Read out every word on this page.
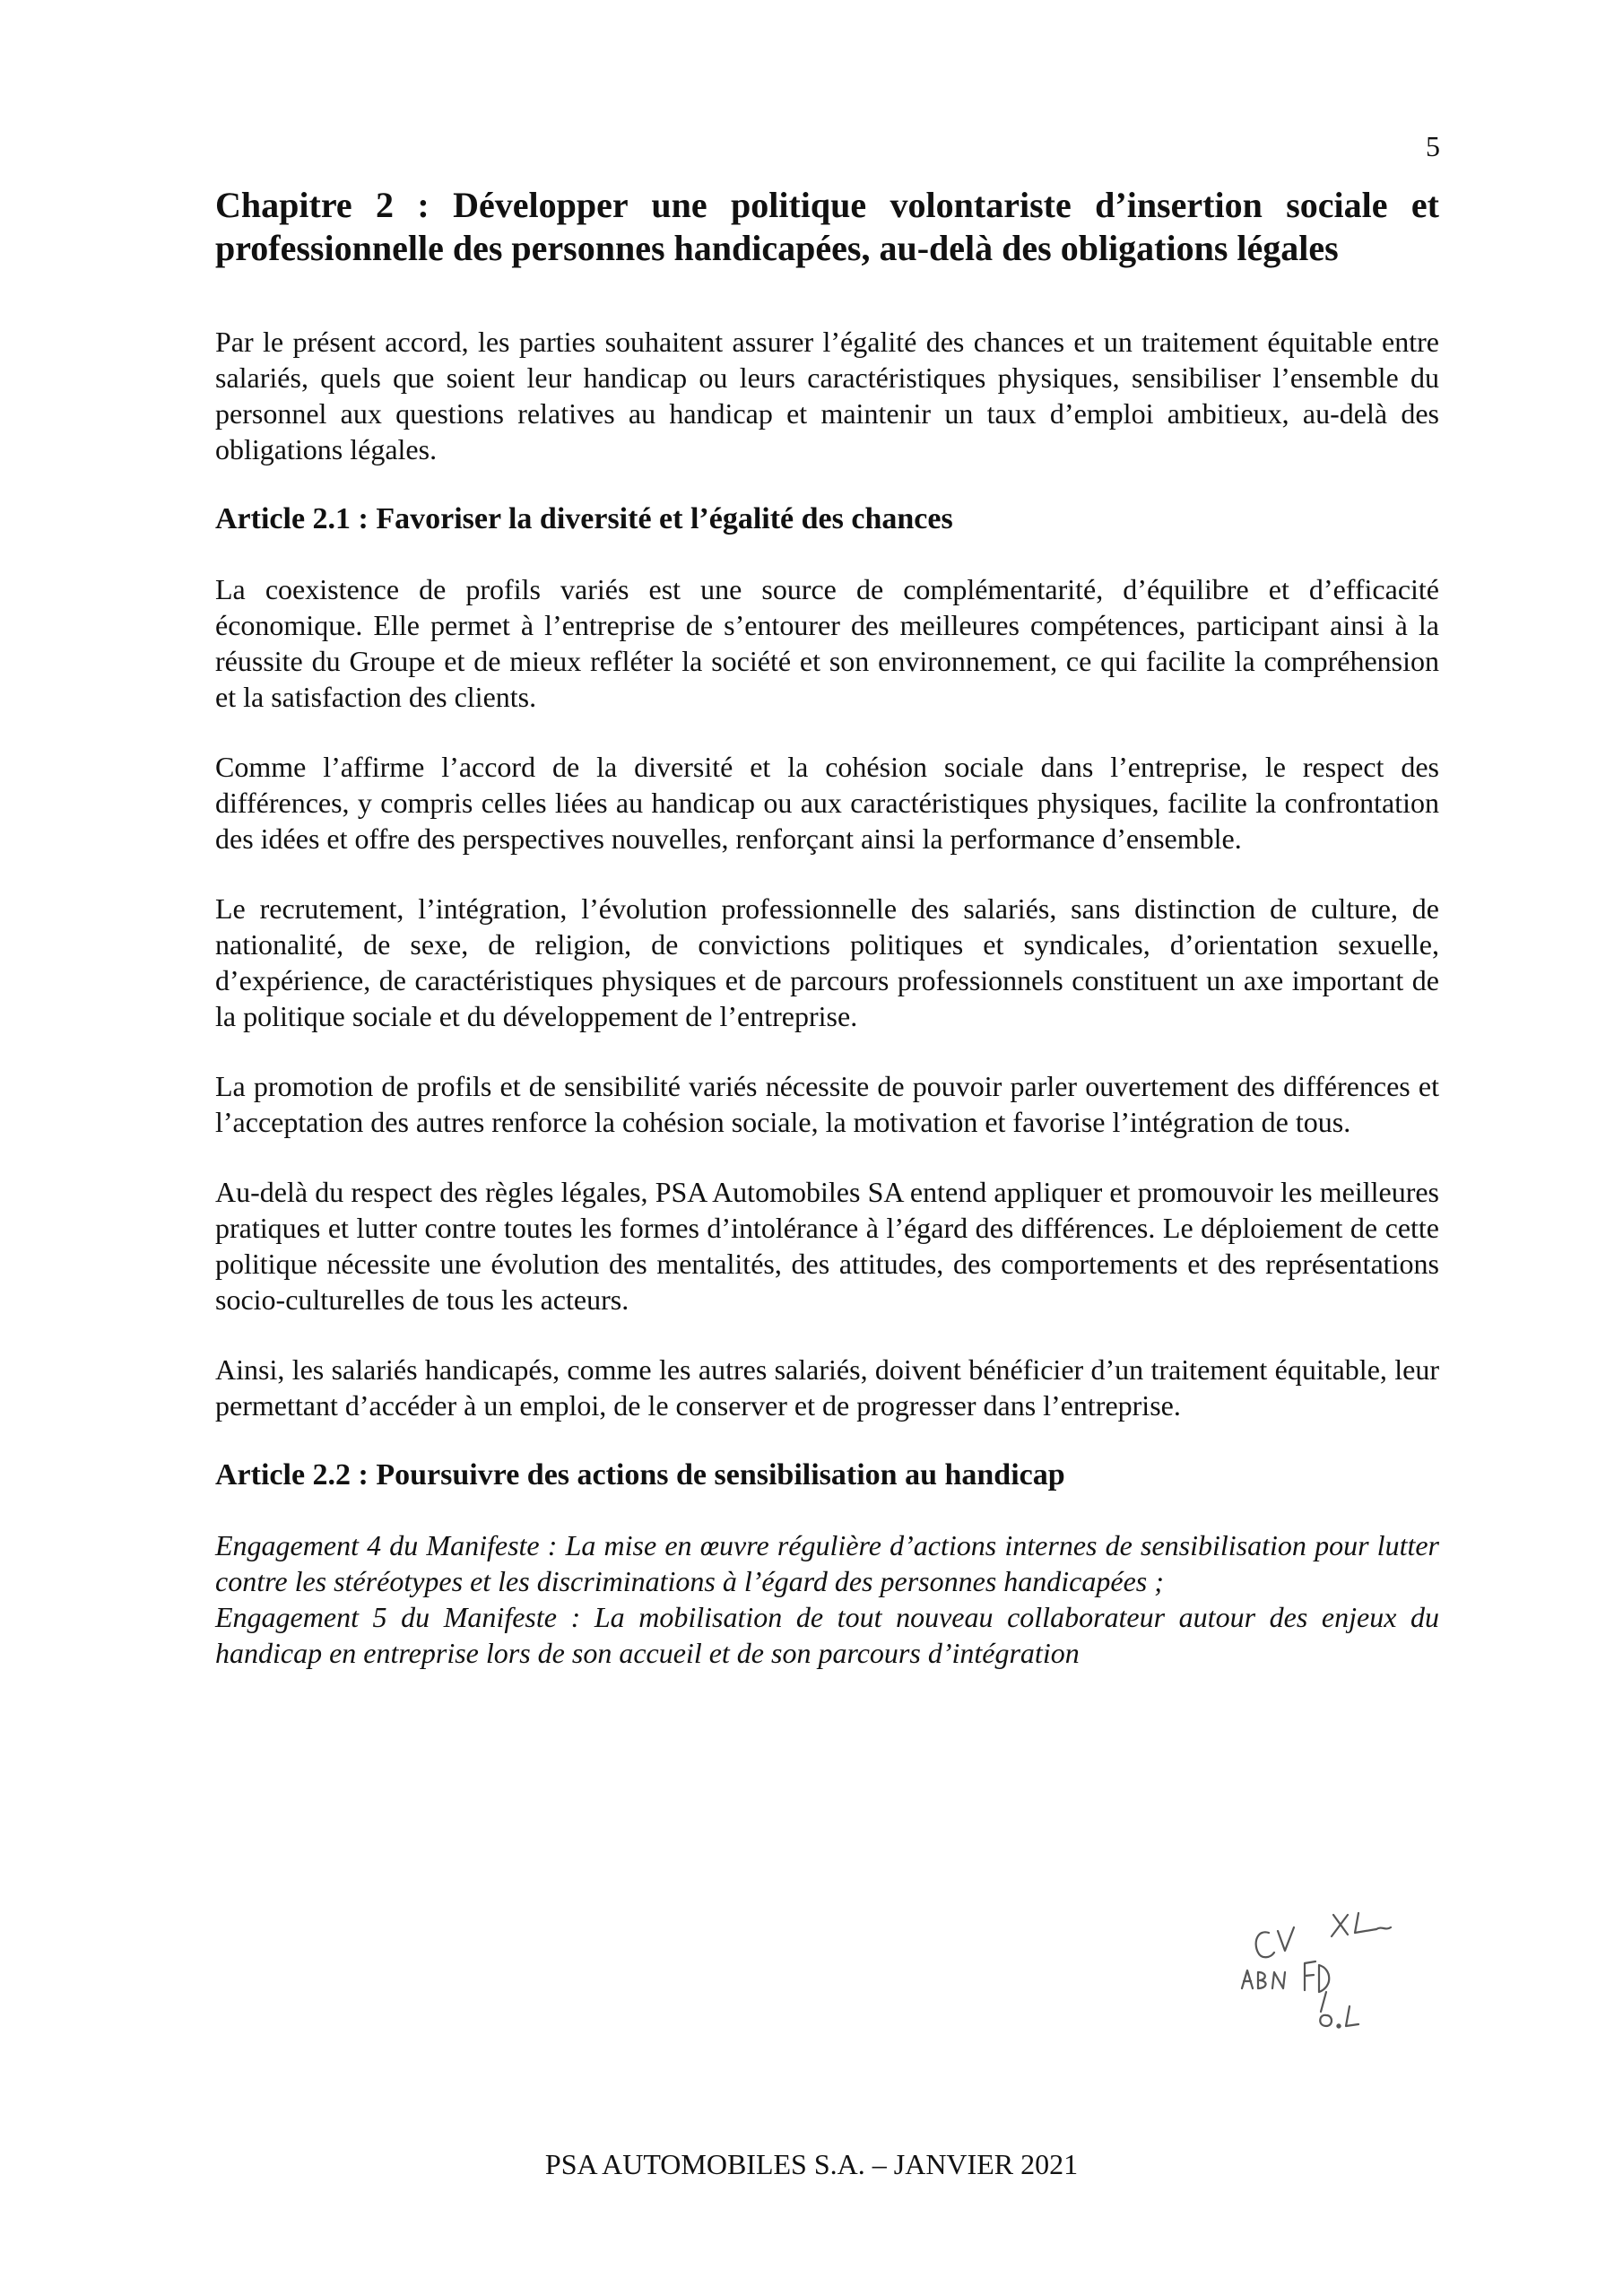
5
Chapitre 2 : Développer une politique volontariste d’insertion sociale et professionnelle des personnes handicapées, au-delà des obligations légales

Par le présent accord, les parties souhaitent assurer l’égalité des chances et un traitement équitable entre salariés, quels que soient leur handicap ou leurs caractéristiques physiques, sensibiliser l’ensemble du personnel aux questions relatives au handicap et maintenir un taux d’emploi ambitieux, au-delà des obligations légales.

Article 2.1 : Favoriser la diversité et l’égalité des chances

La coexistence de profils variés est une source de complémentarité, d’équilibre et d’efficacité économique. Elle permet à l’entreprise de s’entourer des meilleures compétences, participant ainsi à la réussite du Groupe et de mieux refléter la société et son environnement, ce qui facilite la compréhension et la satisfaction des clients.

Comme l’affirme l’accord de la diversité et la cohésion sociale dans l’entreprise, le respect des différences, y compris celles liées au handicap ou aux caractéristiques physiques, facilite la confrontation des idées et offre des perspectives nouvelles, renforçant ainsi la performance d’ensemble.

Le recrutement, l’intégration, l’évolution professionnelle des salariés, sans distinction de culture, de nationalité, de sexe, de religion, de convictions politiques et syndicales, d’orientation sexuelle, d’expérience, de caractéristiques physiques et de parcours professionnels constituent un axe important de la politique sociale et du développement de l’entreprise.

La promotion de profils et de sensibilité variés nécessite de pouvoir parler ouvertement des différences et l’acceptation des autres renforce la cohésion sociale, la motivation et favorise l’intégration de tous.

Au-delà du respect des règles légales, PSA Automobiles SA entend appliquer et promouvoir les meilleures pratiques et lutter contre toutes les formes d’intolérance à l’égard des différences. Le déploiement de cette politique nécessite une évolution des mentalités, des attitudes, des comportements et des représentations socio-culturelles de tous les acteurs.

Ainsi, les salariés handicapés, comme les autres salariés, doivent bénéficier d’un traitement équitable, leur permettant d’accéder à un emploi, de le conserver et de progresser dans l’entreprise.

Article 2.2 : Poursuivre des actions de sensibilisation au handicap

Engagement 4 du Manifeste : La mise en œuvre régulière d’actions internes de sensibilisation pour lutter contre les stéréotypes et les discriminations à l’égard des personnes handicapées ;

Engagement 5 du Manifeste : La mobilisation de tout nouveau collaborateur autour des enjeux du handicap en entreprise lors de son accueil et de son parcours d’intégration

PSA AUTOMOBILES S.A. – JANVIER 2021
